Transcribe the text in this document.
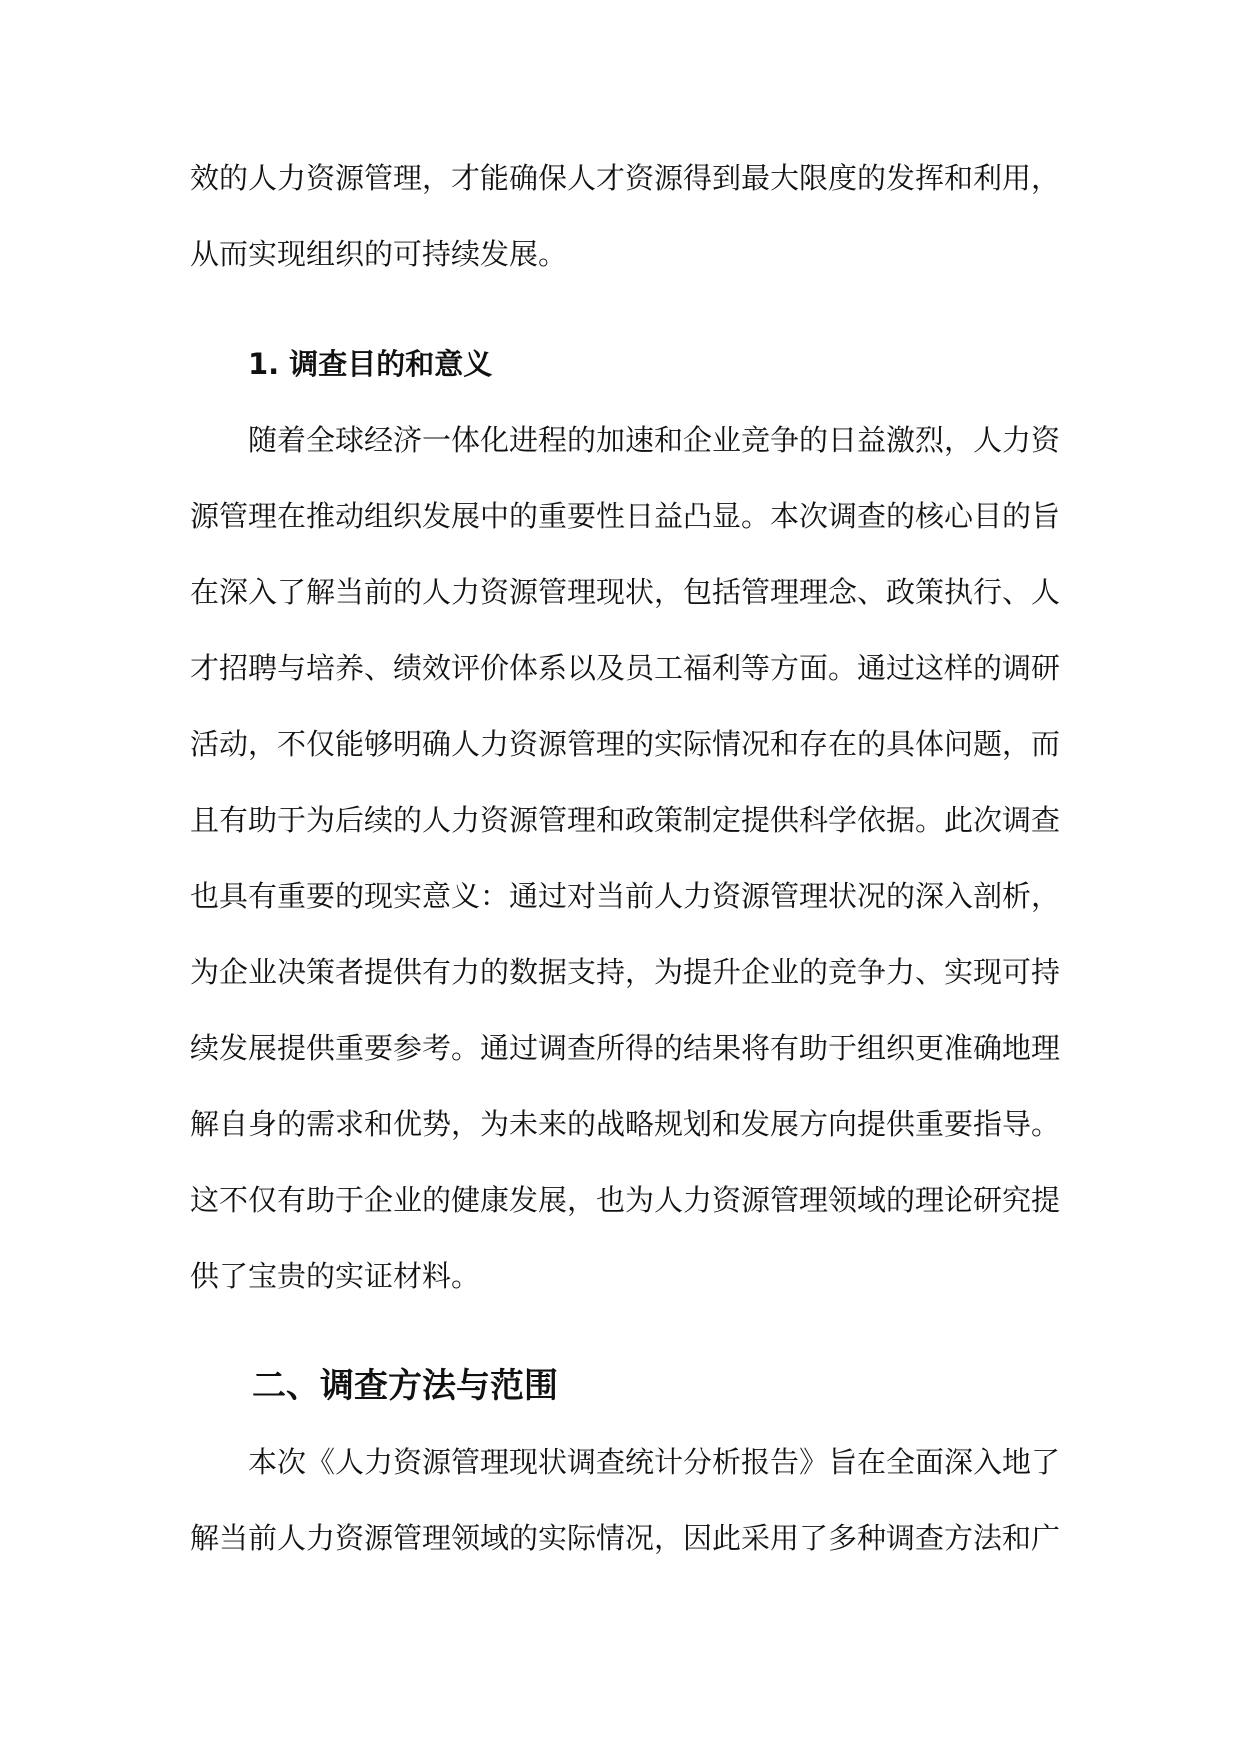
效的人力资源管理，才能确保人才资源得到最大限度的发挥和利用，
从而实现组织的可持续发展。
1. 调查目的和意义
随着全球经济一体化进程的加速和企业竞争的日益激烈，人力资
源管理在推动组织发展中的重要性日益凸显。本次调查的核心目的旨
在深入了解当前的人力资源管理现状，包括管理理念、政策执行、人
才招聘与培养、绩效评价体系以及员工福利等方面。通过这样的调研
活动，不仅能够明确人力资源管理的实际情况和存在的具体问题，而
且有助于为后续的人力资源管理和政策制定提供科学依据。此次调查
也具有重要的现实意义：通过对当前人力资源管理状况的深入剖析，
为企业决策者提供有力的数据支持，为提升企业的竞争力、实现可持
续发展提供重要参考。通过调查所得的结果将有助于组织更准确地理
解自身的需求和优势，为未来的战略规划和发展方向提供重要指导。
这不仅有助于企业的健康发展，也为人力资源管理领域的理论研究提
供了宝贵的实证材料。
二、调查方法与范围
本次《人力资源管理现状调查统计分析报告》旨在全面深入地了
解当前人力资源管理领域的实际情况，因此采用了多种调查方法和广
